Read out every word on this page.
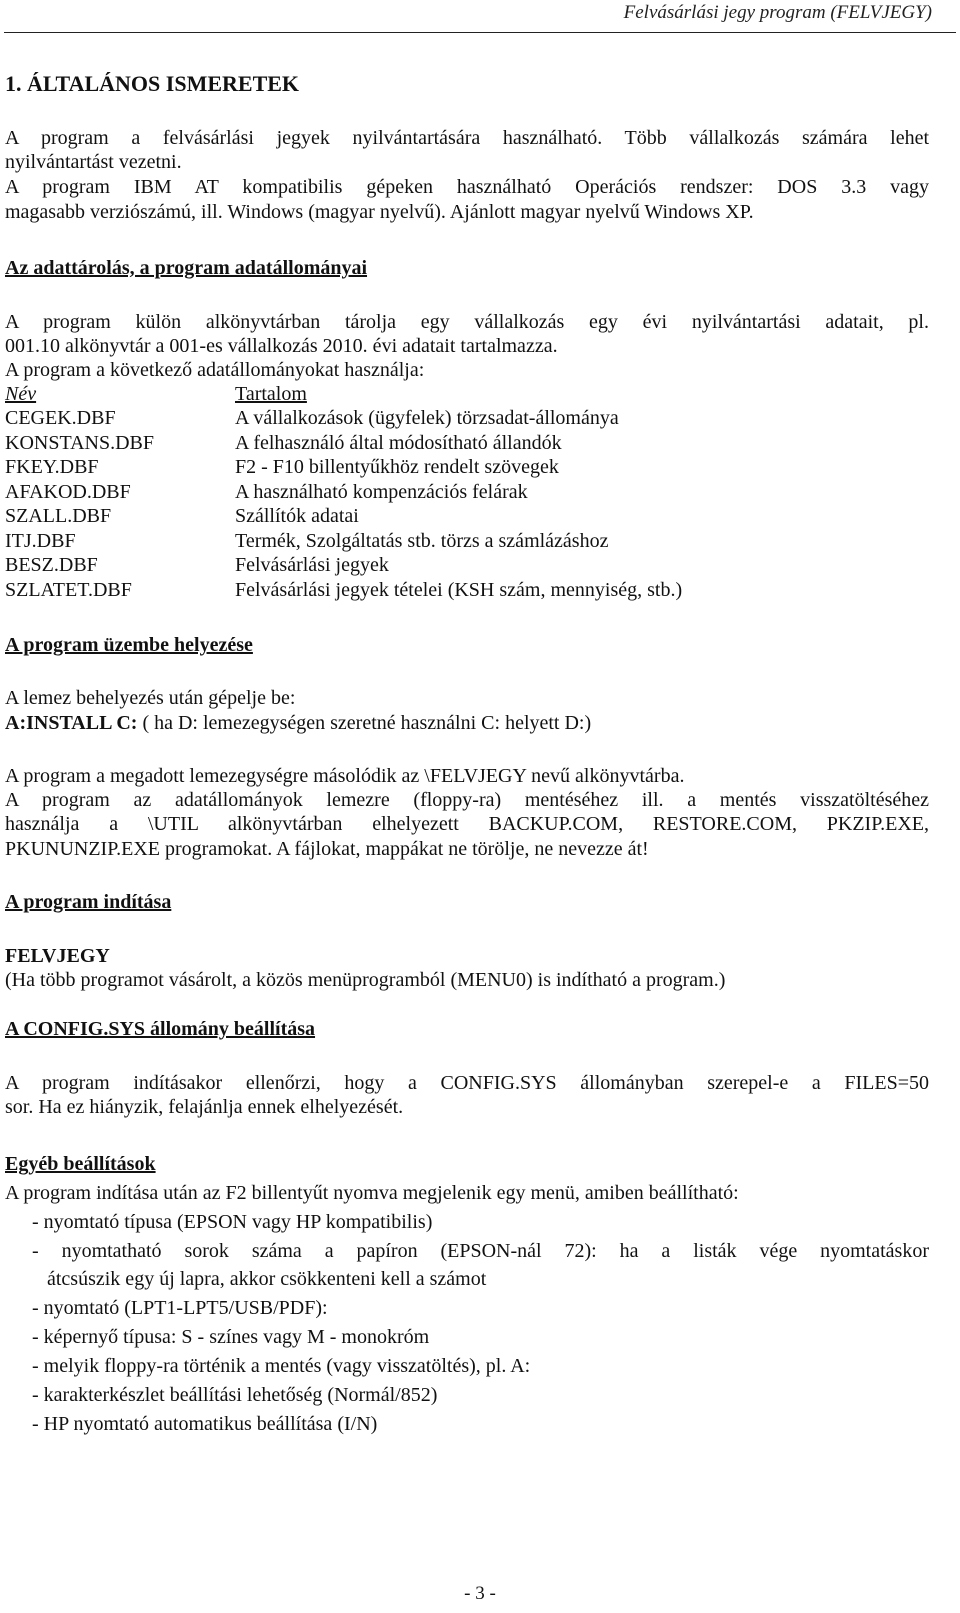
Felvásárlási jegy program (FELVJEGY)
1. ÁLTALÁNOS ISMERETEK
A program a felvásárlási jegyek nyilvántartására használható. Több vállalkozás számára lehet
nyilvántartást vezetni.
A program IBM AT kompatibilis gépeken használható Operációs rendszer: DOS 3.3 vagy
magasabb verziószámú, ill. Windows (magyar nyelvű). Ajánlott magyar nyelvű Windows XP.
Az adattárolás, a program adatállományai
A program külön alkönyvtárban tárolja egy vállalkozás egy évi nyilvántartási adatait, pl.
001.10 alkönyvtár a 001-es vállalkozás 2010. évi adatait tartalmazza.
A program a következő adatállományokat használja:
Név	Tartalom
CEGEK.DBF	A vállalkozások (ügyfelek) törzsadat-állománya
KONSTANS.DBF	A felhasználó által módosítható állandók
FKEY.DBF	F2 - F10 billentyűkhöz rendelt szövegek
AFAKOD.DBF	A használható kompenzációs felárak
SZALL.DBF	Szállítók adatai
ITJ.DBF	Termék, Szolgáltatás stb. törzs a számlázáshoz
BESZ.DBF	Felvásárlási jegyek
SZLATET.DBF	Felvásárlási jegyek tételei (KSH szám, mennyiség, stb.)
A program üzembe helyezése
A lemez behelyezés után gépelje be:
A:INSTALL C: ( ha D: lemezegységen szeretné használni C: helyett D:)
A program a megadott lemezegységre másolódik az \FELVJEGY nevű alkönyvtárba.
A program az adatállományok lemezre (floppy-ra) mentéséhez ill. a mentés visszatöltéséhez
használja a \UTIL alkönyvtárban elhelyezett BACKUP.COM, RESTORE.COM, PKZIP.EXE,
PKUNUNZIP.EXE programokat. A fájlokat, mappákat ne törölje, ne nevezze át!
A program indítása
FELVJEGY
(Ha több programot vásárolt, a közös menüprogramból (MENU0) is indítható a program.)
A CONFIG.SYS állomány beállítása
A program indításakor ellenőrzi, hogy a CONFIG.SYS állományban szerepel-e a FILES=50
sor. Ha ez hiányzik, felajánlja ennek elhelyezését.
Egyéb beállítások
A program indítása után az F2 billentyűt nyomva megjelenik egy menü, amiben beállítható:
- nyomtató típusa (EPSON vagy HP kompatibilis)
- nyomtatható sorok száma a papíron (EPSON-nál 72): ha a listák vége nyomtatáskor
átcsúszik egy új lapra, akkor csökkenteni kell a számot
- nyomtató (LPT1-LPT5/USB/PDF):
- képernyő típusa: S - színes vagy M - monokróm
- melyik floppy-ra történik a mentés (vagy visszatöltés), pl. A:
- karakterkészlet beállítási lehetőség (Normál/852)
- HP nyomtató automatikus beállítása (I/N)
- 3 -
